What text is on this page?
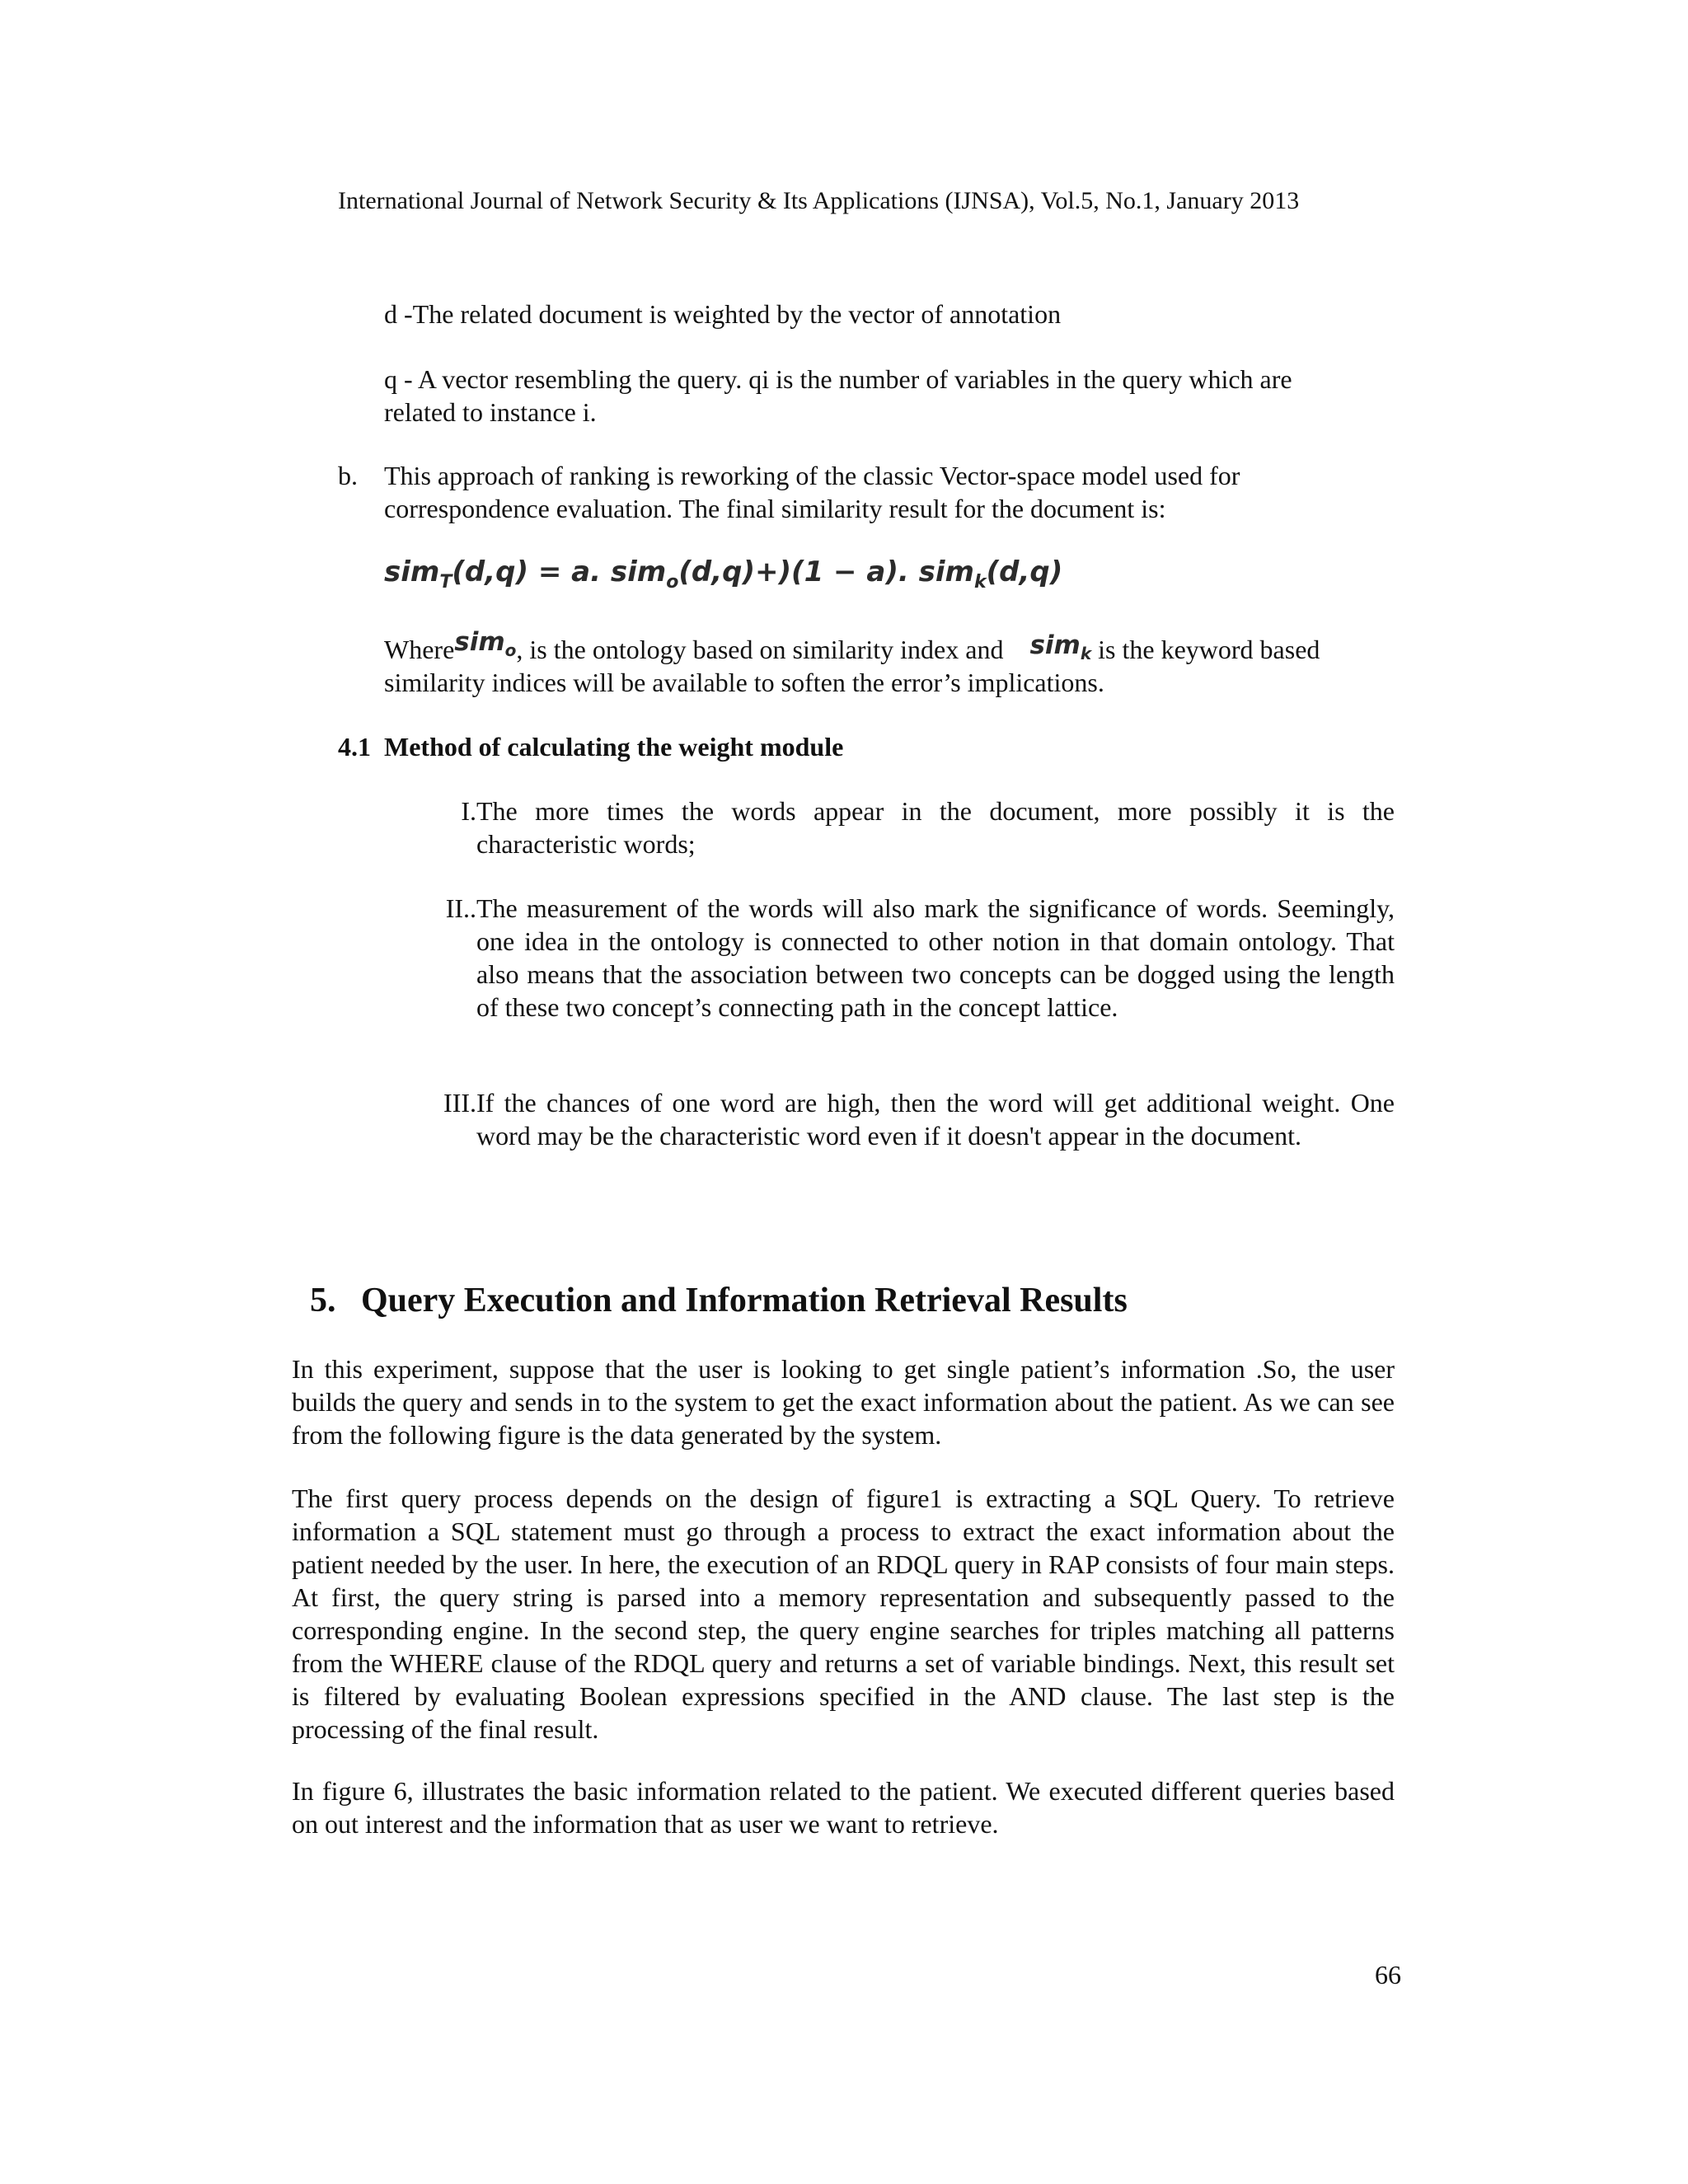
International Journal of Network Security & Its Applications (IJNSA), Vol.5, No.1, January 2013
d -The related document is weighted by the vector of annotation
q - A vector resembling the query. qi is the number of variables in the query which are
related to instance i.
b.	This approach of ranking is reworking of the classic Vector-space model used for
correspondence evaluation. The final similarity result for the document is:
sim$_T$(d,q) = a. sim$_o$(d,q)+)(1 − a). sim$_k$(d,q)
Wheresim$_o$, is the ontology based on similarity index and sim$_k$ is the keyword based
similarity indices will be available to soften the error’s implications.
4.1 Method of calculating the weight module
I. The more times the words appear in the document, more possibly it is the characteristic words;
II.. The measurement of the words will also mark the significance of words. Seemingly, one idea in the ontology is connected to other notion in that domain ontology. That also means that the association between two concepts can be dogged using the length of these two concept’s connecting path in the concept lattice.
III. If the chances of one word are high, then the word will get additional weight. One word may be the characteristic word even if it doesn't appear in the document.
5. Query Execution and Information Retrieval Results
In this experiment, suppose that the user is looking to get single patient’s information .So, the user builds the query and sends in to the system to get the exact information about the patient. As we can see from the following figure is the data generated by the system.
The first query process depends on the design of figure1 is extracting a SQL Query. To retrieve information a SQL statement must go through a process to extract the exact information about the patient needed by the user. In here, the execution of an RDQL query in RAP consists of four main steps. At first, the query string is parsed into a memory representation and subsequently passed to the corresponding engine. In the second step, the query engine searches for triples matching all patterns from the WHERE clause of the RDQL query and returns a set of variable bindings. Next, this result set is filtered by evaluating Boolean expressions specified in the AND clause. The last step is the processing of the final result.
In figure 6, illustrates the basic information related to the patient. We executed different queries based on out interest and the information that as user we want to retrieve.
66
